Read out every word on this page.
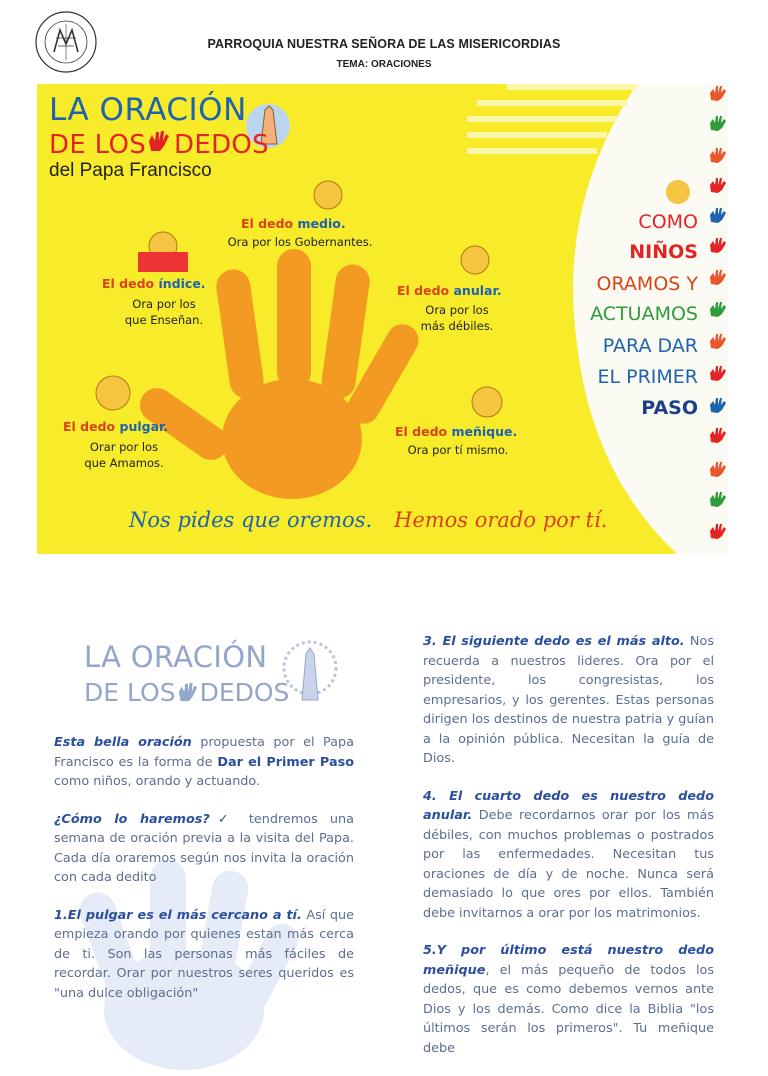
PARROQUIA NUESTRA SEÑORA DE LAS MISERICORDIAS
TEMA: ORACIONES
LA ORACIÓN
DE LOS DEDOS
del Papa Francisco
El dedo medio.
Ora por los Gobernantes.
El dedo índice.
Ora por los
que Enseñan.
El dedo anular.
Ora por los
más débiles.
El dedo pulgar.
Orar por los
que Amamos.
El dedo meñique.
Ora por tí mismo.
Nos pides que oremos. Hemos orado por tí.
COMO
NIÑOS
ORAMOS Y
ACTUAMOS
PARA DAR
EL PRIMER
PASO
LA ORACIÓN
DE LOS DEDOS

Esta bella oración propuesta por el Papa Francisco es la forma de Dar el Primer Paso como niños, orando y actuando.

¿Cómo lo haremos?✓ tendremos una semana de oración previa a la visita del Papa. Cada día oraremos según nos invita la oración con cada dedito

1.El pulgar es el más cercano a tí. Así que empieza orando por quienes estan más cerca de ti. Son las personas más fáciles de recordar. Orar por nuestros seres queridos es "una dulce obligación"

3. El siguiente dedo es el más alto. Nos recuerda a nuestros lideres. Ora por el presidente, los congresistas, los empresarios, y los gerentes. Estas personas dirigen los destinos de nuestra patria y guían a la opinión pública. Necesitan la guía de Dios.

4. El cuarto dedo es nuestro dedo anular. Debe recordarnos orar por los más débiles, con muchos problemas o postrados por las enfermedades. Necesitan tus oraciones de día y de noche. Nunca será demasiado lo que ores por ellos. También debe invitarnos a orar por los matrimonios.

5.Y por último está nuestro dedo meñique, el más pequeño de todos los dedos, que es como debemos vernos ante Dios y los demás. Como dice la Biblia "los últimos serán los primeros". Tu meñique debe
